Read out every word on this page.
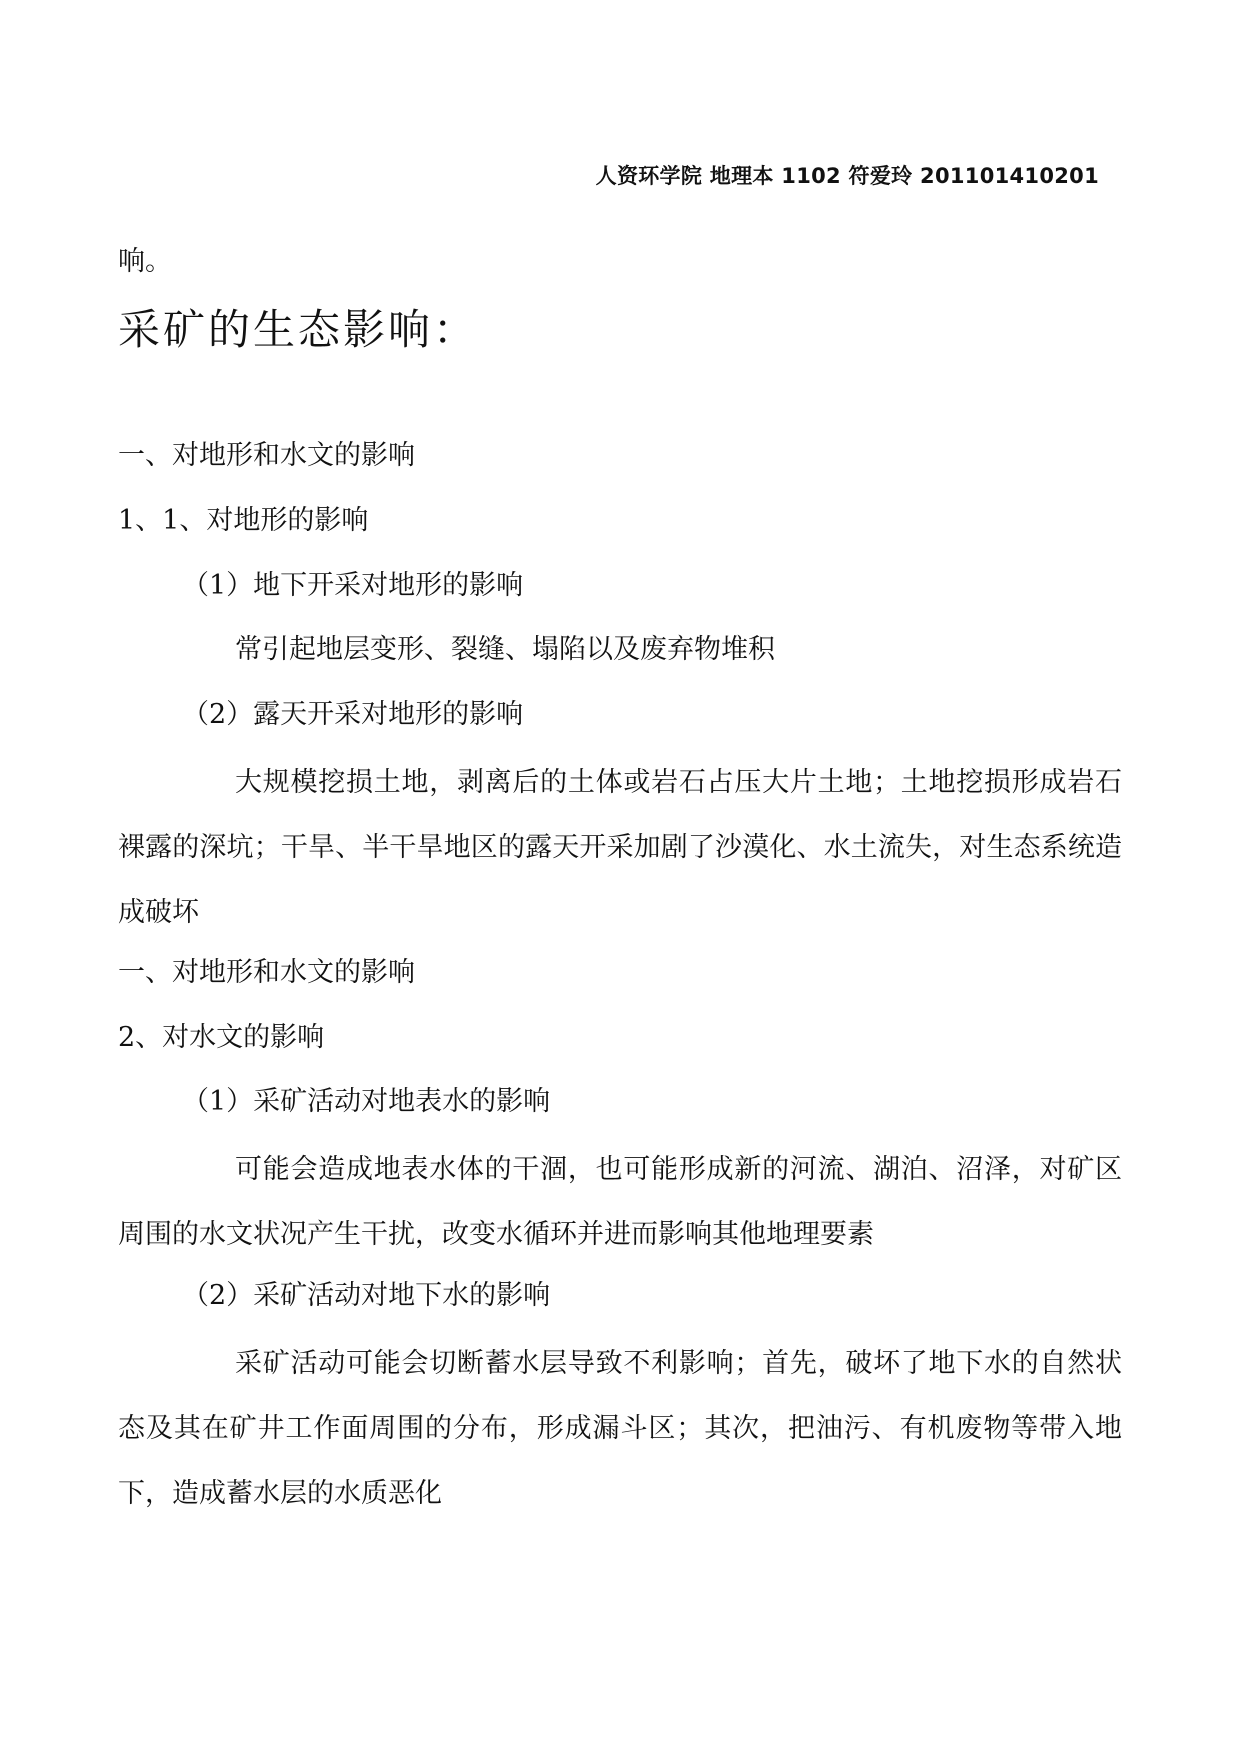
人资环学院 地理本 1102 符爱玲 201101410201
响。
采矿的生态影响：
一、对地形和水文的影响
1、1、对地形的影响
（1）地下开采对地形的影响
常引起地层变形、裂缝、塌陷以及废弃物堆积
（2）露天开采对地形的影响
大规模挖损土地，剥离后的土体或岩石占压大片土地；土地挖损形成岩石裸露的深坑；干旱、半干旱地区的露天开采加剧了沙漠化、水土流失，对生态系统造成破坏
一、对地形和水文的影响
2、对水文的影响
（1）采矿活动对地表水的影响
可能会造成地表水体的干涸，也可能形成新的河流、湖泊、沼泽，对矿区周围的水文状况产生干扰，改变水循环并进而影响其他地理要素
（2）采矿活动对地下水的影响
采矿活动可能会切断蓄水层导致不利影响；首先，破坏了地下水的自然状态及其在矿井工作面周围的分布，形成漏斗区；其次，把油污、有机废物等带入地下，造成蓄水层的水质恶化
